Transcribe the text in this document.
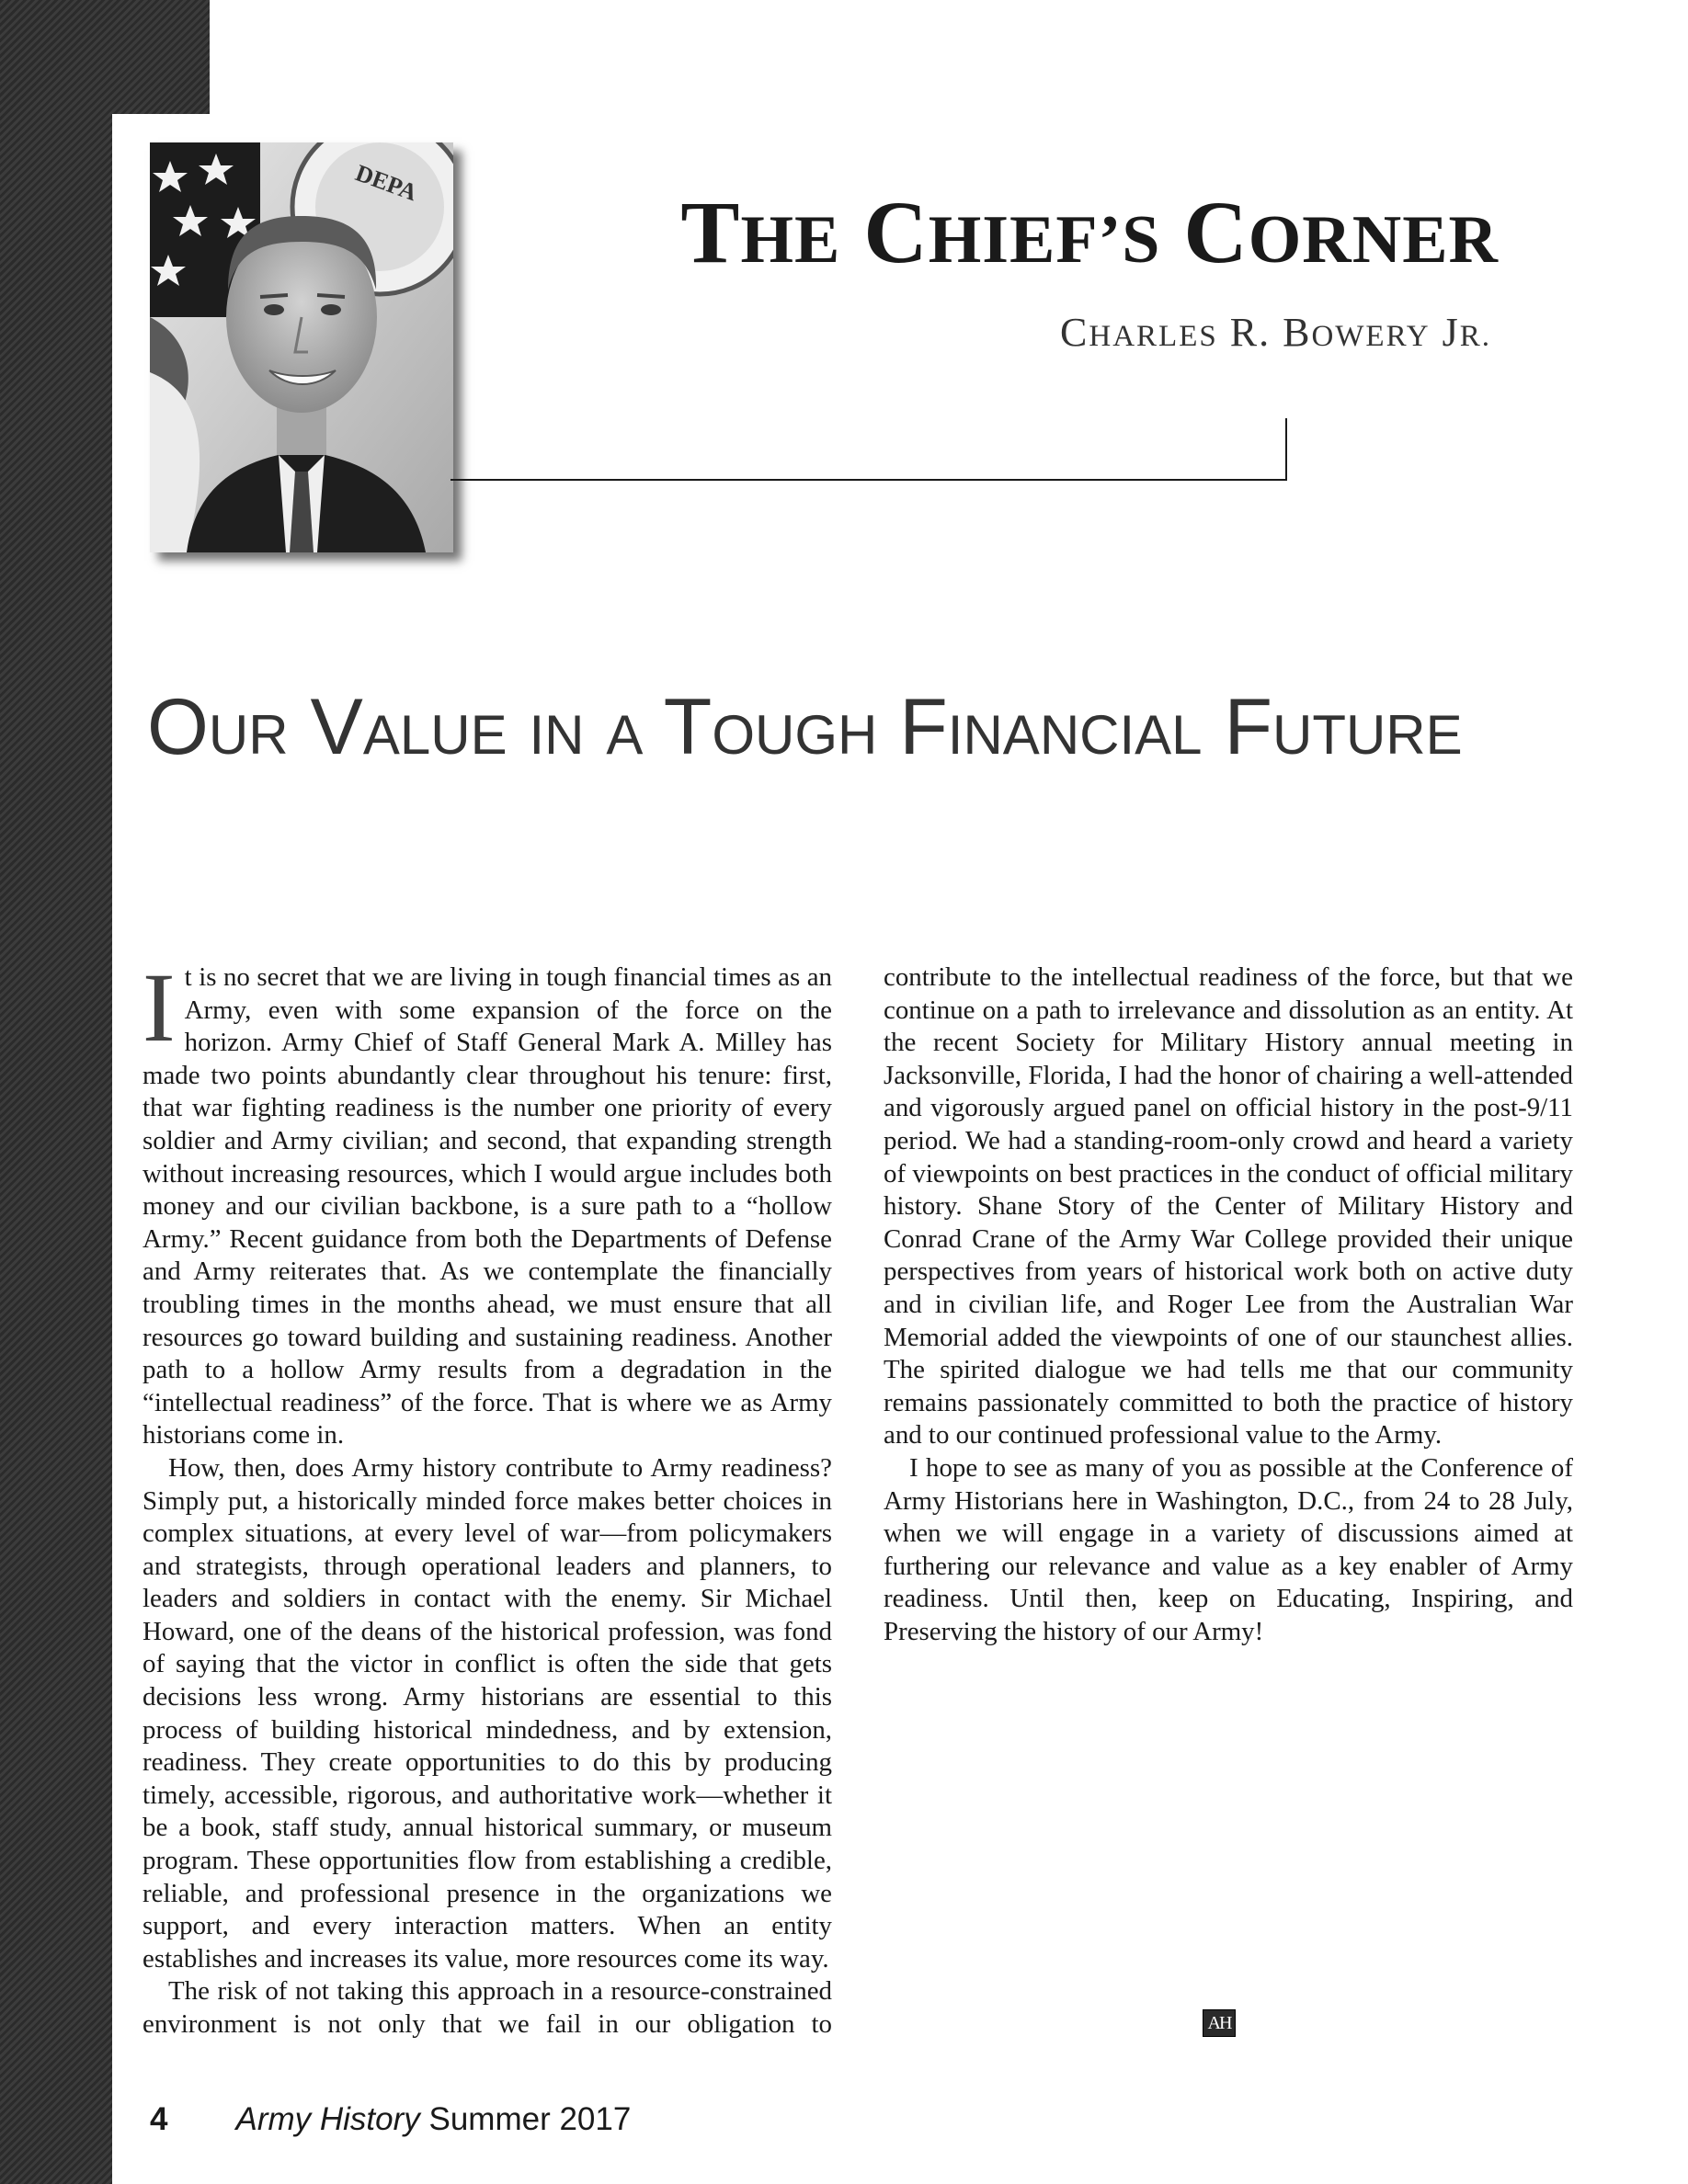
DEPA
THE CHIEF’S CORNER
CHARLES R. BOWERY JR.
OUR VALUE IN A TOUGH FINANCIAL FUTURE

It is no secret that we are living in tough financial times as an Army, even with some expansion of the force on the horizon. Army Chief of Staff General Mark A. Milley has made two points abundantly clear throughout his tenure: first, that war fighting readiness is the number one priority of every soldier and Army civilian; and second, that expanding strength without increasing resources, which I would argue includes both money and our civilian backbone, is a sure path to a “hollow Army.” Recent guidance from both the Departments of Defense and Army reiterates that. As we contemplate the financially troubling times in the months ahead, we must ensure that all resources go toward building and sustaining readiness. Another path to a hollow Army results from a degradation in the “intellectual readiness” of the force. That is where we as Army historians come in.

How, then, does Army history contribute to Army readiness? Simply put, a historically minded force makes better choices in complex situations, at every level of war—from policymakers and strategists, through operational leaders and planners, to leaders and soldiers in contact with the enemy. Sir Michael Howard, one of the deans of the historical profession, was fond of saying that the victor in conflict is often the side that gets decisions less wrong. Army historians are essential to this process of building historical mindedness, and by extension, readiness. They create opportunities to do this by producing timely, accessible, rigorous, and authoritative work—whether it be a book, staff study, annual historical summary, or museum program. These opportunities flow from establishing a credible, reliable, and professional presence in the organizations we support, and every interaction matters. When an entity establishes and increases its value, more resources come its way.

The risk of not taking this approach in a resource-constrained environment is not only that we fail in our obligation to contribute to the intellectual readiness of the force, but that we continue on a path to irrelevance and dissolution as an entity. At the recent Society for Military History annual meeting in Jacksonville, Florida, I had the honor of chairing a well-attended and vigorously argued panel on official history in the post-9/11 period. We had a standing-room-only crowd and heard a variety of viewpoints on best practices in the conduct of official military history. Shane Story of the Center of Military History and Conrad Crane of the Army War College provided their unique perspectives from years of historical work both on active duty and in civilian life, and Roger Lee from the Australian War Memorial added the viewpoints of one of our staunchest allies. The spirited dialogue we had tells me that our community remains passionately committed to both the practice of history and to our continued professional value to the Army.

I hope to see as many of you as possible at the Conference of Army Historians here in Washington, D.C., from 24 to 28 July, when we will engage in a variety of discussions aimed at furthering our relevance and value as a key enabler of Army readiness. Until then, keep on Educating, Inspiring, and Preserving the history of our Army!

AH
4 Army History Summer 2017
